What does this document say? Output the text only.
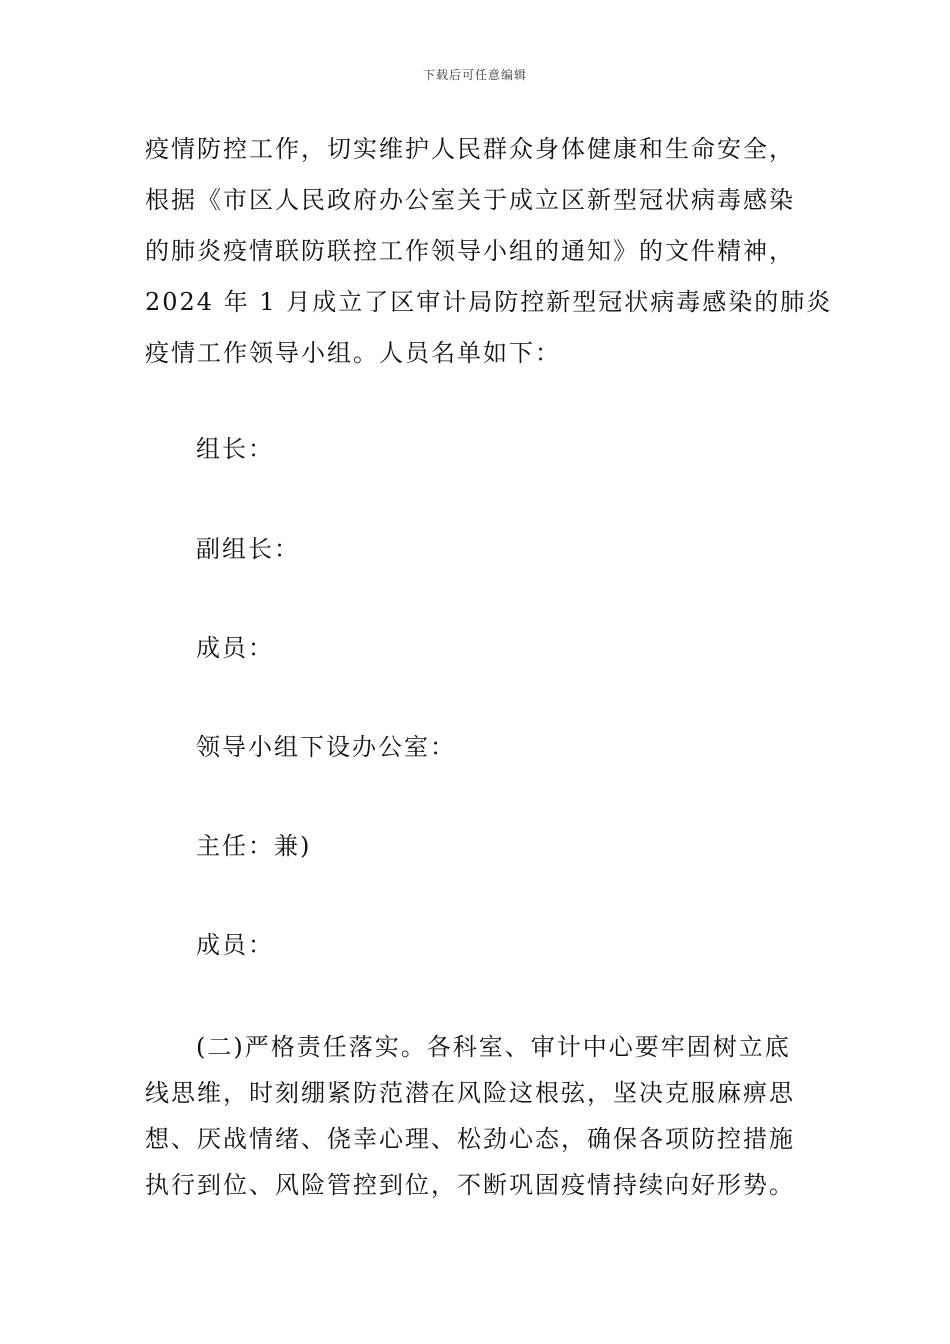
下载后可任意编辑
疫情防控工作，切实维护人民群众身体健康和生命安全，
根据《市区人民政府办公室关于成立区新型冠状病毒感染
的肺炎疫情联防联控工作领导小组的通知》的文件精神，
2024 年 1 月成立了区审计局防控新型冠状病毒感染的肺炎
疫情工作领导小组。人员名单如下：
组长：
副组长：
成员：
领导小组下设办公室：
主任：兼)
成员：
(二)严格责任落实。各科室、审计中心要牢固树立底
线思维，时刻绷紧防范潜在风险这根弦，坚决克服麻痹思
想、厌战情绪、侥幸心理、松劲心态，确保各项防控措施
执行到位、风险管控到位，不断巩固疫情持续向好形势。
